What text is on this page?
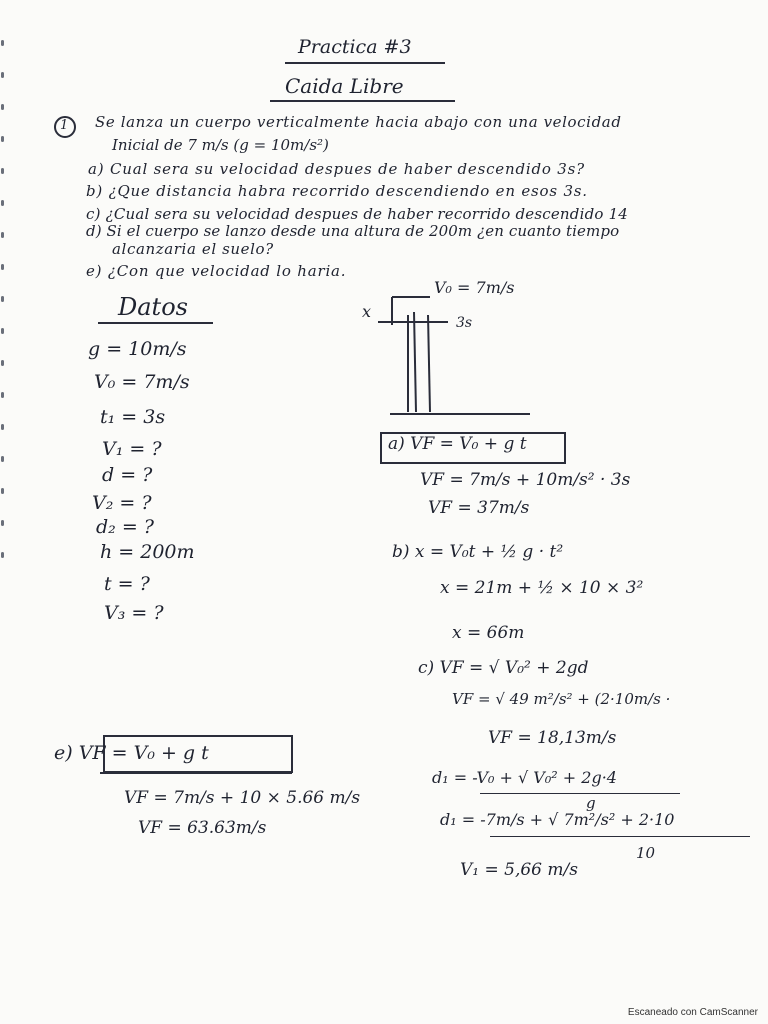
Practica #3
Caida Libre
1 Se lanza un cuerpo verticalmente hacia abajo con una velocidad
Inicial de 7 m/s (g = 10m/s²)
a) Cual sera su velocidad despues de haber descendido 3s?
b) ¿Que distancia habra recorrido descendiendo en esos 3s.
c) ¿Cual sera su velocidad despues de haber recorrido descendido 14
d) Si el cuerpo se lanzo desde una altura de 200m ¿en cuanto tiempo
alcanzaria el suelo?
e) ¿Con que velocidad lo haria.
Datos
g = 10m/s
V₀ = 7m/s
t₁ = 3s
V₁ = ?
d = ?
V₂ = ?
d₂ = ?
h = 200m
t = ?
V₃ = ?
V₀ = 7m/s
x
3s
a) VF = V₀ + g t
VF = 7m/s + 10m/s² · 3s
VF = 37m/s
b) x = V₀t + ½ g · t²
x = 21m + ½ × 10 × 3²
x = 66m
c) VF = √ V₀² + 2gd
VF = √ 49 m²/s² + (2·10m/s ·
VF = 18,13m/s
d₁ = -V₀ + √ V₀² + 2g·4
g
d₁ = -7m/s + √ 7m²/s² + 2·10
10
V₁ = 5,66 m/s
e) VF = V₀ + g t
VF = 7m/s + 10 × 5.66 m/s
VF = 63.63m/s
Escaneado con CamScanner
